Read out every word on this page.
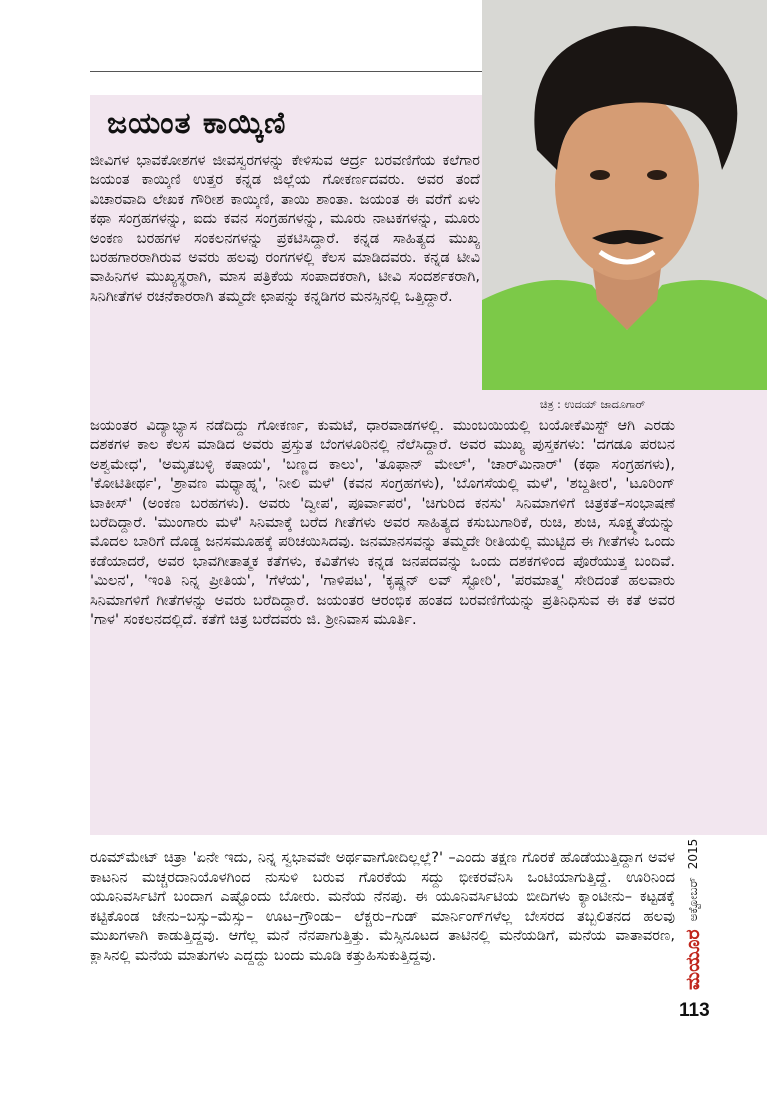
ಜಯಂತ ಕಾಯ್ಕಿಣಿ
ಜೀವಿಗಳ ಭಾವಕೋಶಗಳ ಜೀವಸ್ವರಗಳನ್ನು ಕೇಳಿಸುವ ಆರ್ದ್ರ ಬರವಣಿಗೆಯ ಕಲೆಗಾರ ಜಯಂತ ಕಾಯ್ಕಿಣಿ ಉತ್ತರ ಕನ್ನಡ ಜಿಲ್ಲೆಯ ಗೋಕರ್ಣದವರು. ಅವರ ತಂದೆ ವಿಚಾರವಾದಿ ಲೇಖಕ ಗೌರೀಶ ಕಾಯ್ಕಿಣಿ, ತಾಯಿ ಶಾಂತಾ. ಜಯಂತ ಈ ವರೆಗೆ ಏಳು ಕಥಾ ಸಂಗ್ರಹಗಳನ್ನು, ಐದು ಕವನ ಸಂಗ್ರಹಗಳನ್ನು, ಮೂರು ನಾಟಕಗಳನ್ನು, ಮೂರು ಅಂಕಣ ಬರಹಗಳ ಸಂಕಲನಗಳನ್ನು ಪ್ರಕಟಿಸಿದ್ದಾರೆ. ಕನ್ನಡ ಸಾಹಿತ್ಯದ ಮುಖ್ಯ ಬರಹಗಾರರಾಗಿರುವ ಅವರು ಹಲವು ರಂಗಗಳಲ್ಲಿ ಕೆಲಸ ಮಾಡಿದವರು. ಕನ್ನಡ ಟೀವಿ ವಾಹಿನಿಗಳ ಮುಖ್ಯಸ್ಥರಾಗಿ, ಮಾಸ ಪತ್ರಿಕೆಯ ಸಂಪಾದಕರಾಗಿ, ಟೀವಿ ಸಂದರ್ಶಕರಾಗಿ, ಸಿನಿಗೀತೆಗಳ ರಚನೆಕಾರರಾಗಿ ತಮ್ಮದೇ ಛಾಪನ್ನು ಕನ್ನಡಿಗರ ಮನಸ್ಸಿನಲ್ಲಿ ಒತ್ತಿದ್ದಾರೆ.
ಜಯಂತರ ವಿದ್ಯಾಭ್ಯಾಸ ನಡೆದಿದ್ದು ಗೋಕರ್ಣ, ಕುಮಟೆ, ಧಾರವಾಡಗಳಲ್ಲಿ. ಮುಂಬಯಿಯಲ್ಲಿ ಬಯೋಕೆಮಿಸ್ಟ್ ಆಗಿ ಎರಡು ದಶಕಗಳ ಕಾಲ ಕೆಲಸ ಮಾಡಿದ ಅವರು ಪ್ರಸ್ತುತ ಬೆಂಗಳೂರಿನಲ್ಲಿ ನೆಲೆಸಿದ್ದಾರೆ. ಅವರ ಮುಖ್ಯ ಪುಸ್ತಕಗಳು: 'ದಗಡೂ ಪರಬನ ಅಶ್ವಮೇಧ', 'ಅಮೃತಬಳ್ಳಿ ಕಷಾಯ', 'ಬಣ್ಣದ ಕಾಲು', 'ತೂಫಾನ್ ಮೇಲ್', 'ಚಾರ್‌ಮಿನಾರ್' (ಕಥಾ ಸಂಗ್ರಹಗಳು), 'ಕೋಟಿತೀರ್ಥ', 'ಶ್ರಾವಣ ಮಧ್ಯಾಹ್ನ', 'ನೀಲಿ ಮಳೆ' (ಕವನ ಸಂಗ್ರಹಗಳು), 'ಬೊಗಸೆಯಲ್ಲಿ ಮಳೆ', 'ಶಬ್ದತೀರ', 'ಟೂರಿಂಗ್ ಟಾಕೀಸ್' (ಅಂಕಣ ಬರಹಗಳು). ಅವರು 'ದ್ವೀಪ', ಪೂರ್ವಾಪರ', 'ಚಿಗುರಿದ ಕನಸು' ಸಿನಿಮಾಗಳಿಗೆ ಚಿತ್ರಕತೆ–ಸಂಭಾಷಣೆ ಬರೆದಿದ್ದಾರೆ. 'ಮುಂಗಾರು ಮಳೆ' ಸಿನಿಮಾಕ್ಕೆ ಬರೆದ ಗೀತೆಗಳು ಅವರ ಸಾಹಿತ್ಯದ ಕಸುಬುಗಾರಿಕೆ, ರುಚಿ, ಶುಚಿ, ಸೂಕ್ಷ್ಮತೆಯನ್ನು ಮೊದಲ ಬಾರಿಗೆ ದೊಡ್ಡ ಜನಸಮೂಹಕ್ಕೆ ಪರಿಚಯಿಸಿದವು. ಜನಮಾನಸವನ್ನು ತಮ್ಮದೇ ರೀತಿಯಲ್ಲಿ ಮುಟ್ಟಿದ ಈ ಗೀತೆಗಳು ಒಂದು ಕಡೆಯಾದರೆ, ಅವರ ಭಾವಗೀತಾತ್ಮಕ ಕತೆಗಳು, ಕವಿತೆಗಳು ಕನ್ನಡ ಜನಪದವನ್ನು ಒಂದು ದಶಕಗಳಿಂದ ಪೊರೆಯುತ್ತ ಬಂದಿವೆ. 'ಮಿಲನ', 'ಇಂತಿ ನಿನ್ನ ಪ್ರೀತಿಯ', 'ಗೆಳೆಯ', 'ಗಾಳಿಪಟ', 'ಕೃಷ್ಣನ್ ಲವ್ ಸ್ಟೋರಿ', 'ಪರಮಾತ್ಮ' ಸೇರಿದಂತೆ ಹಲವಾರು ಸಿನಿಮಾಗಳಿಗೆ ಗೀತೆಗಳನ್ನು ಅವರು ಬರೆದಿದ್ದಾರೆ. ಜಯಂತರ ಆರಂಭಿಕ ಹಂತದ ಬರವಣಿಗೆಯನ್ನು ಪ್ರತಿನಿಧಿಸುವ ಈ ಕತೆ ಅವರ 'ಗಾಳ' ಸಂಕಲನದಲ್ಲಿದೆ. ಕತೆಗೆ ಚಿತ್ರ ಬರೆದವರು ಜಿ. ಶ್ರೀನಿವಾಸ ಮೂರ್ತಿ.
ಚಿತ್ರ : ಉದಯ್ ಜಾದೂಗಾರ್
ರೂಮ್‌ಮೇಟ್ ಚಿತ್ರಾ 'ಏನೇ ಇದು, ನಿನ್ನ ಸ್ವಭಾವವೇ ಅರ್ಥವಾಗೋದಿಲ್ಲಲ್ಲೆ?' –ಎಂದು ತಕ್ಷಣ ಗೊರಕೆ ಹೊಡೆಯುತ್ತಿದ್ದಾಗ ಅವಳ ಕಾಟನಿನ ಮಚ್ಚರದಾನಿಯೊಳಗಿಂದ ನುಸುಳಿ ಬರುವ ಗೊರಕೆಯ ಸದ್ದು ಭೀಕರವೆನಿಸಿ ಒಂಟಿಯಾಗುತ್ತಿದ್ದೆ. ಊರಿನಿಂದ ಯೂನಿವರ್ಸಿಟಿಗೆ ಬಂದಾಗ ಎಷ್ಟೊಂದು ಬೋರು. ಮನೆಯ ನೆನಪು. ಈ ಯೂನಿವರ್ಸಿಟಿಯ ಬೀದಿಗಳು ಕ್ಯಾಂಟೀನು– ಕಟ್ಟಡಕ್ಕೆ ಕಟ್ಟಿಕೊಂಡ ಜೇನು–ಬಸ್ಸು–ಮೆಸ್ಸು– ಊಟ–ಗ್ರೌಂಡು– ಲೆಕ್ಚರು–ಗುಡ್ ಮಾರ್ನಿಂಗ್‌ಗಳೆಲ್ಲ ಬೇಸರದ ತಬ್ಬಲಿತನದ ಹಲವು ಮುಖಗಳಾಗಿ ಕಾಡುತ್ತಿದ್ದವು. ಆಗೆಲ್ಲ ಮನೆ ನೆನಪಾಗುತ್ತಿತ್ತು. ಮೆಸ್ಸಿನೂಟದ ತಾಟಿನಲ್ಲಿ ಮನೆಯಡಿಗೆ, ಮನೆಯ ವಾತಾವರಣ, ಕ್ಲಾಸಿನಲ್ಲಿ ಮನೆಯ ಮಾತುಗಳು ಎದ್ದದ್ದು ಬಂದು ಮೂಡಿ ಕತ್ತುಹಿಸುಕುತ್ತಿದ್ದವು.	ಮಯೂರ
ಅಕ್ಟೋಬರ್
2015
113
